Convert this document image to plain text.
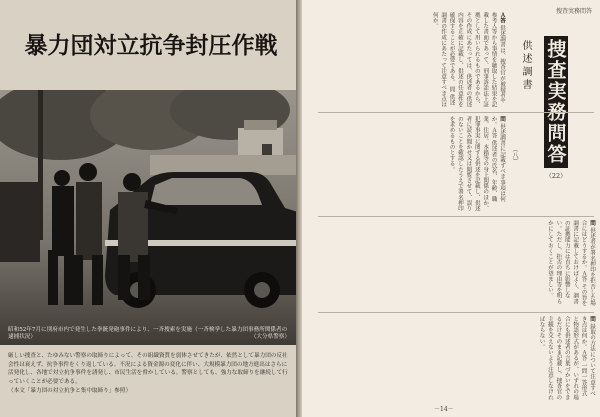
暴力団対立抗争封圧作戦
昭和52年7月に別府市内で発生した拳銃発砲事件により、一斉捜索を実施（一斉検挙した暴力団事務所関係者の逮捕状況）	（大分県警察）

厳しい捜査と、たゆみない警察の取締りによって、その組織資質を弱体させてきたが、依然として暴力団の反社会性は衰えず、抗争事件をくり返している。不況による資金源の変化に伴い、大規模暴力団の地方進出はさらに活発化し、各地で対立抗争事件を誘発し、市民生活を脅かしている。警察としても、強力な取締りを継続して行っていくことが必要である。

（本文「暴力団の対立抗争と集中取締り」参照）

捜査実務問答
捜査実務問答
（22）
供述調書
（八）
Ａ答 供述調書は、捜査官が被疑者や参考人等から事情を聴取した結果を記載した書面であって、刑事訴訟法上証拠として用いられるものであるから、その作成にあたっては、供述者の供述内容を正確に記載し、供述の任意性を確保することが必要である。 問 供述調書の作成にあたって注意すべき点は何か。
問 供述調書に記載すべき事項は何か。Ａ答 供述者の氏名、年齢、職業、住居、本籍等の身上関係のほか、犯罪事実に関する供述を記載し、供述者に読み聞かせ又は閲覧させて、誤りのないことを確認したうえで署名押印を求めるものとする。
問 供述者が署名押印を拒否した場合にはどうするか。Ａ答 その旨を調書に記載しておけばよく、調書の証拠能力には直ちに影響しない。ただし、拒否の理由等を明らかにしておくことが望ましい。
問 録取の方法について注意すべき点は何か。Ａ答 一問一答形式と物語形式があるが、いずれの場合にも供述者の言葉づかいをできるだけそのまま記載し、捜査官の主観を交えないよう注意しなければならない。
－14－
